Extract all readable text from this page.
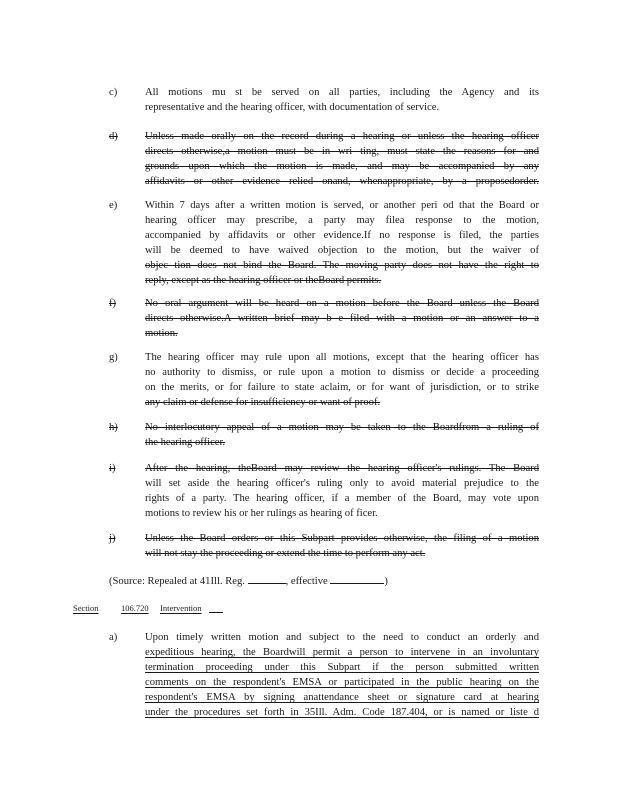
c)	All motions mu st be served on all parties, including the Agency and its
representative and the hearing officer, with documentation of service.
d)	Unless made orally on the record during a hearing or unless the hearing officer
directs otherwise,a motion must be in wri ting, must state the reasons for and
grounds upon which the motion is made, and may be accompanied by any
affidavits or other evidence relied onand, whenappropriate, by a proposedorder.
e)	Within 7 days after a written motion is served, or another peri od that the Board or
hearing officer may prescribe, a party may filea response to the motion,
accompanied by affidavits or other evidence.If no response is filed, the parties
will be deemed to have waived objection to the motion, but the waiver of
objec tion does not bind the Board. The moving party does not have the right to
reply, except as the hearing officer or theBoard permits.
f)	No oral argument will be heard on a motion before the Board unless the Board
directs otherwise.A written brief may b e filed with a motion or an answer to a
motion.
g)	The hearing officer may rule upon all motions, except that the hearing officer has
no authority to dismiss, or rule upon a motion to dismiss or decide a proceeding
on the merits, or for failure to state aclaim, or for want of jurisdiction, or to strike
any claim or defense for insufficiency or want of proof.
h)	No interlocutory appeal of a motion may be taken to the Boardfrom a ruling of
the hearing officer.
i)	After the hearing, theBoard may review the hearing officer's rulings. The Board
will set aside the hearing officer's ruling only to avoid material prejudice to the
rights of a party. The hearing officer, if a member of the Board, may vote upon
motions to review his or her rulings as hearing of ficer.
j)	Unless the Board orders or this Subpart provides otherwise, the filing of a motion
will not stay the proceeding or extend the time to perform any act.
(Source: Repealed at 41Ill. Reg.	, effective	)
Section	106.720 Intervention
a)	Upon timely written motion and subject to the need to conduct an orderly and
expeditious hearing, the Boardwill permit a person to intervene in an involuntary
termination proceeding under this Subpart if the person submitted written
comments on the respondent's EMSA or participated in the public hearing on the
respondent's EMSA by signing anattendance sheet or signature card at hearing
under the procedures set forth in 35Ill. Adm. Code 187.404, or is named or liste d
